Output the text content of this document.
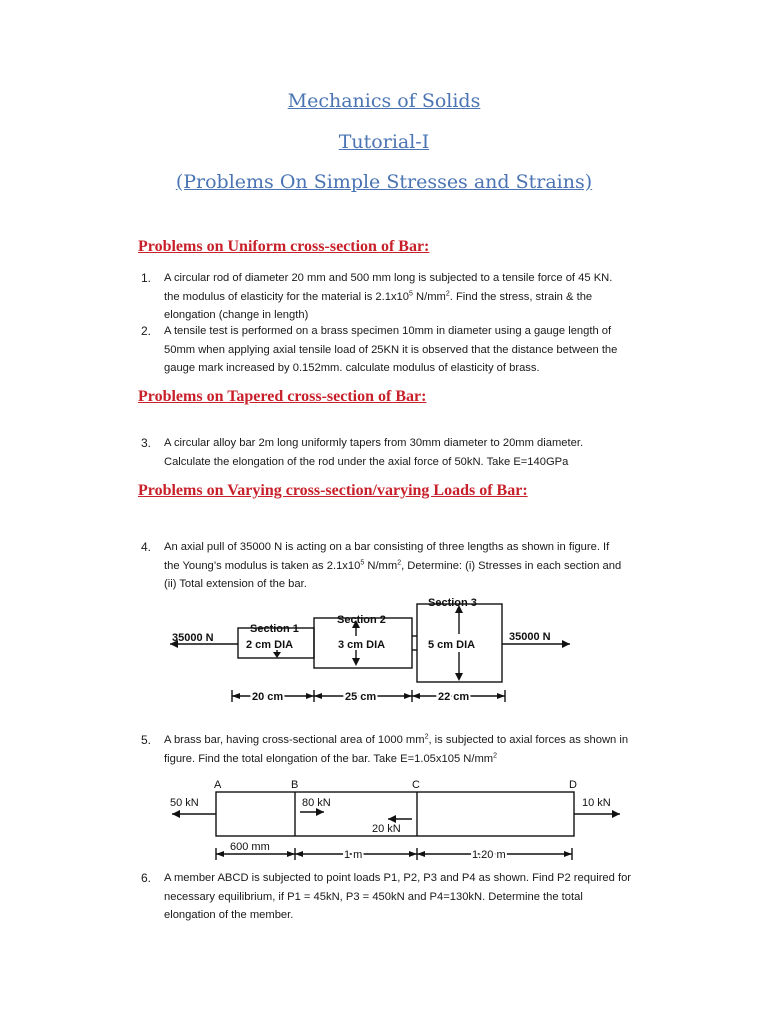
Mechanics of Solids
Tutorial-I
(Problems On Simple Stresses and Strains)
Problems on Uniform cross-section of Bar:
1. A circular rod of diameter 20 mm and 500 mm long is subjected to a tensile force of 45 KN.
the modulus of elasticity for the material is $2.1x10^5$ $N/mm^2$. Find the stress, strain & the
elongation (change in length)
2. A tensile test is performed on a brass specimen 10mm in diameter using a gauge length of
50mm when applying axial tensile load of 25KN it is observed that the distance between the
gauge mark increased by 0.152mm. calculate modulus of elasticity of brass.
Problems on Tapered cross-section of Bar:
3. A circular alloy bar 2m long uniformly tapers from 30mm diameter to 20mm diameter.
Calculate the elongation of the rod under the axial force of 50kN. Take E=140GPa
Problems on Varying cross-section/varying Loads of Bar:
4. An axial pull of 35000 N is acting on a bar consisting of three lengths as shown in figure. If
the Young’s modulus is taken as $2.1x10^5$ $N/mm^2$, Determine: (i) Stresses in each section and
(ii) Total extension of the bar.
35000 N	35000 N
Section 1
Section 2
Section 3
2 cm DIA	3 cm DIA	5 cm DIA
20 cm	25 cm	22 cm
5. A brass bar, having cross-sectional area of 1000 $mm^2$, is subjected to axial forces as shown in
figure. Find the total elongation of the bar. Take E=1.05x105 $N/mm^2$
A	B	C	D
50 kN	80 kN
20 kN
10 kN
600 mm
1 m	1.20 m
6. A member ABCD is subjected to point loads P1, P2, P3 and P4 as shown. Find P2 required for
necessary equilibrium, if P1 = 45kN, P3 = 450kN and P4=130kN. Determine the total
elongation of the member.
